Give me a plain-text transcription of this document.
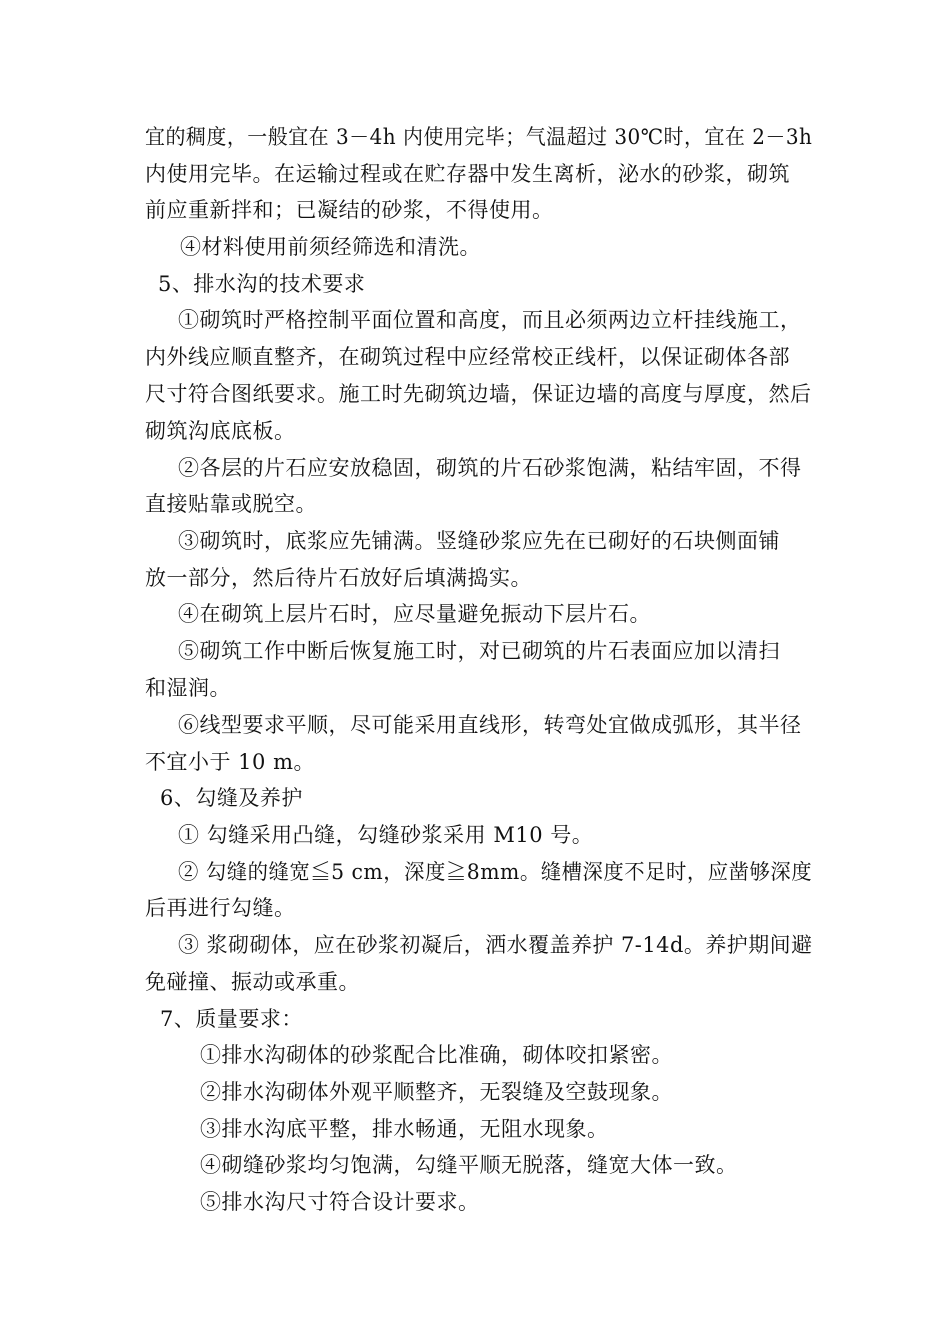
宜的稠度，一般宜在 3－4h 内使用完毕；气温超过 30℃时，宜在 2－3h
内使用完毕。在运输过程或在贮存器中发生离析，泌水的砂浆，砌筑
前应重新拌和；已凝结的砂浆，不得使用。
④材料使用前须经筛选和清洗。
5、排水沟的技术要求
①砌筑时严格控制平面位置和高度，而且必须两边立杆挂线施工，
内外线应顺直整齐，在砌筑过程中应经常校正线杆，以保证砌体各部
尺寸符合图纸要求。施工时先砌筑边墙，保证边墙的高度与厚度，然后
砌筑沟底底板。
②各层的片石应安放稳固，砌筑的片石砂浆饱满，粘结牢固，不得
直接贴靠或脱空。
③砌筑时，底浆应先铺满。竖缝砂浆应先在已砌好的石块侧面铺
放一部分，然后待片石放好后填满捣实。
④在砌筑上层片石时，应尽量避免振动下层片石。
⑤砌筑工作中断后恢复施工时，对已砌筑的片石表面应加以清扫
和湿润。
⑥线型要求平顺，尽可能采用直线形，转弯处宜做成弧形，其半径
不宜小于 10 m。
6、勾缝及养护
① 勾缝采用凸缝，勾缝砂浆采用 M10 号。
② 勾缝的缝宽≦5 cm，深度≧8mm。缝槽深度不足时，应凿够深度
后再进行勾缝。
③ 浆砌砌体，应在砂浆初凝后，洒水覆盖养护 7-14d。养护期间避
免碰撞、振动或承重。
7、质量要求：
①排水沟砌体的砂浆配合比准确，砌体咬扣紧密。
②排水沟砌体外观平顺整齐，无裂缝及空鼓现象。
③排水沟底平整，排水畅通，无阻水现象。
④砌缝砂浆均匀饱满，勾缝平顺无脱落，缝宽大体一致。
⑤排水沟尺寸符合设计要求。
